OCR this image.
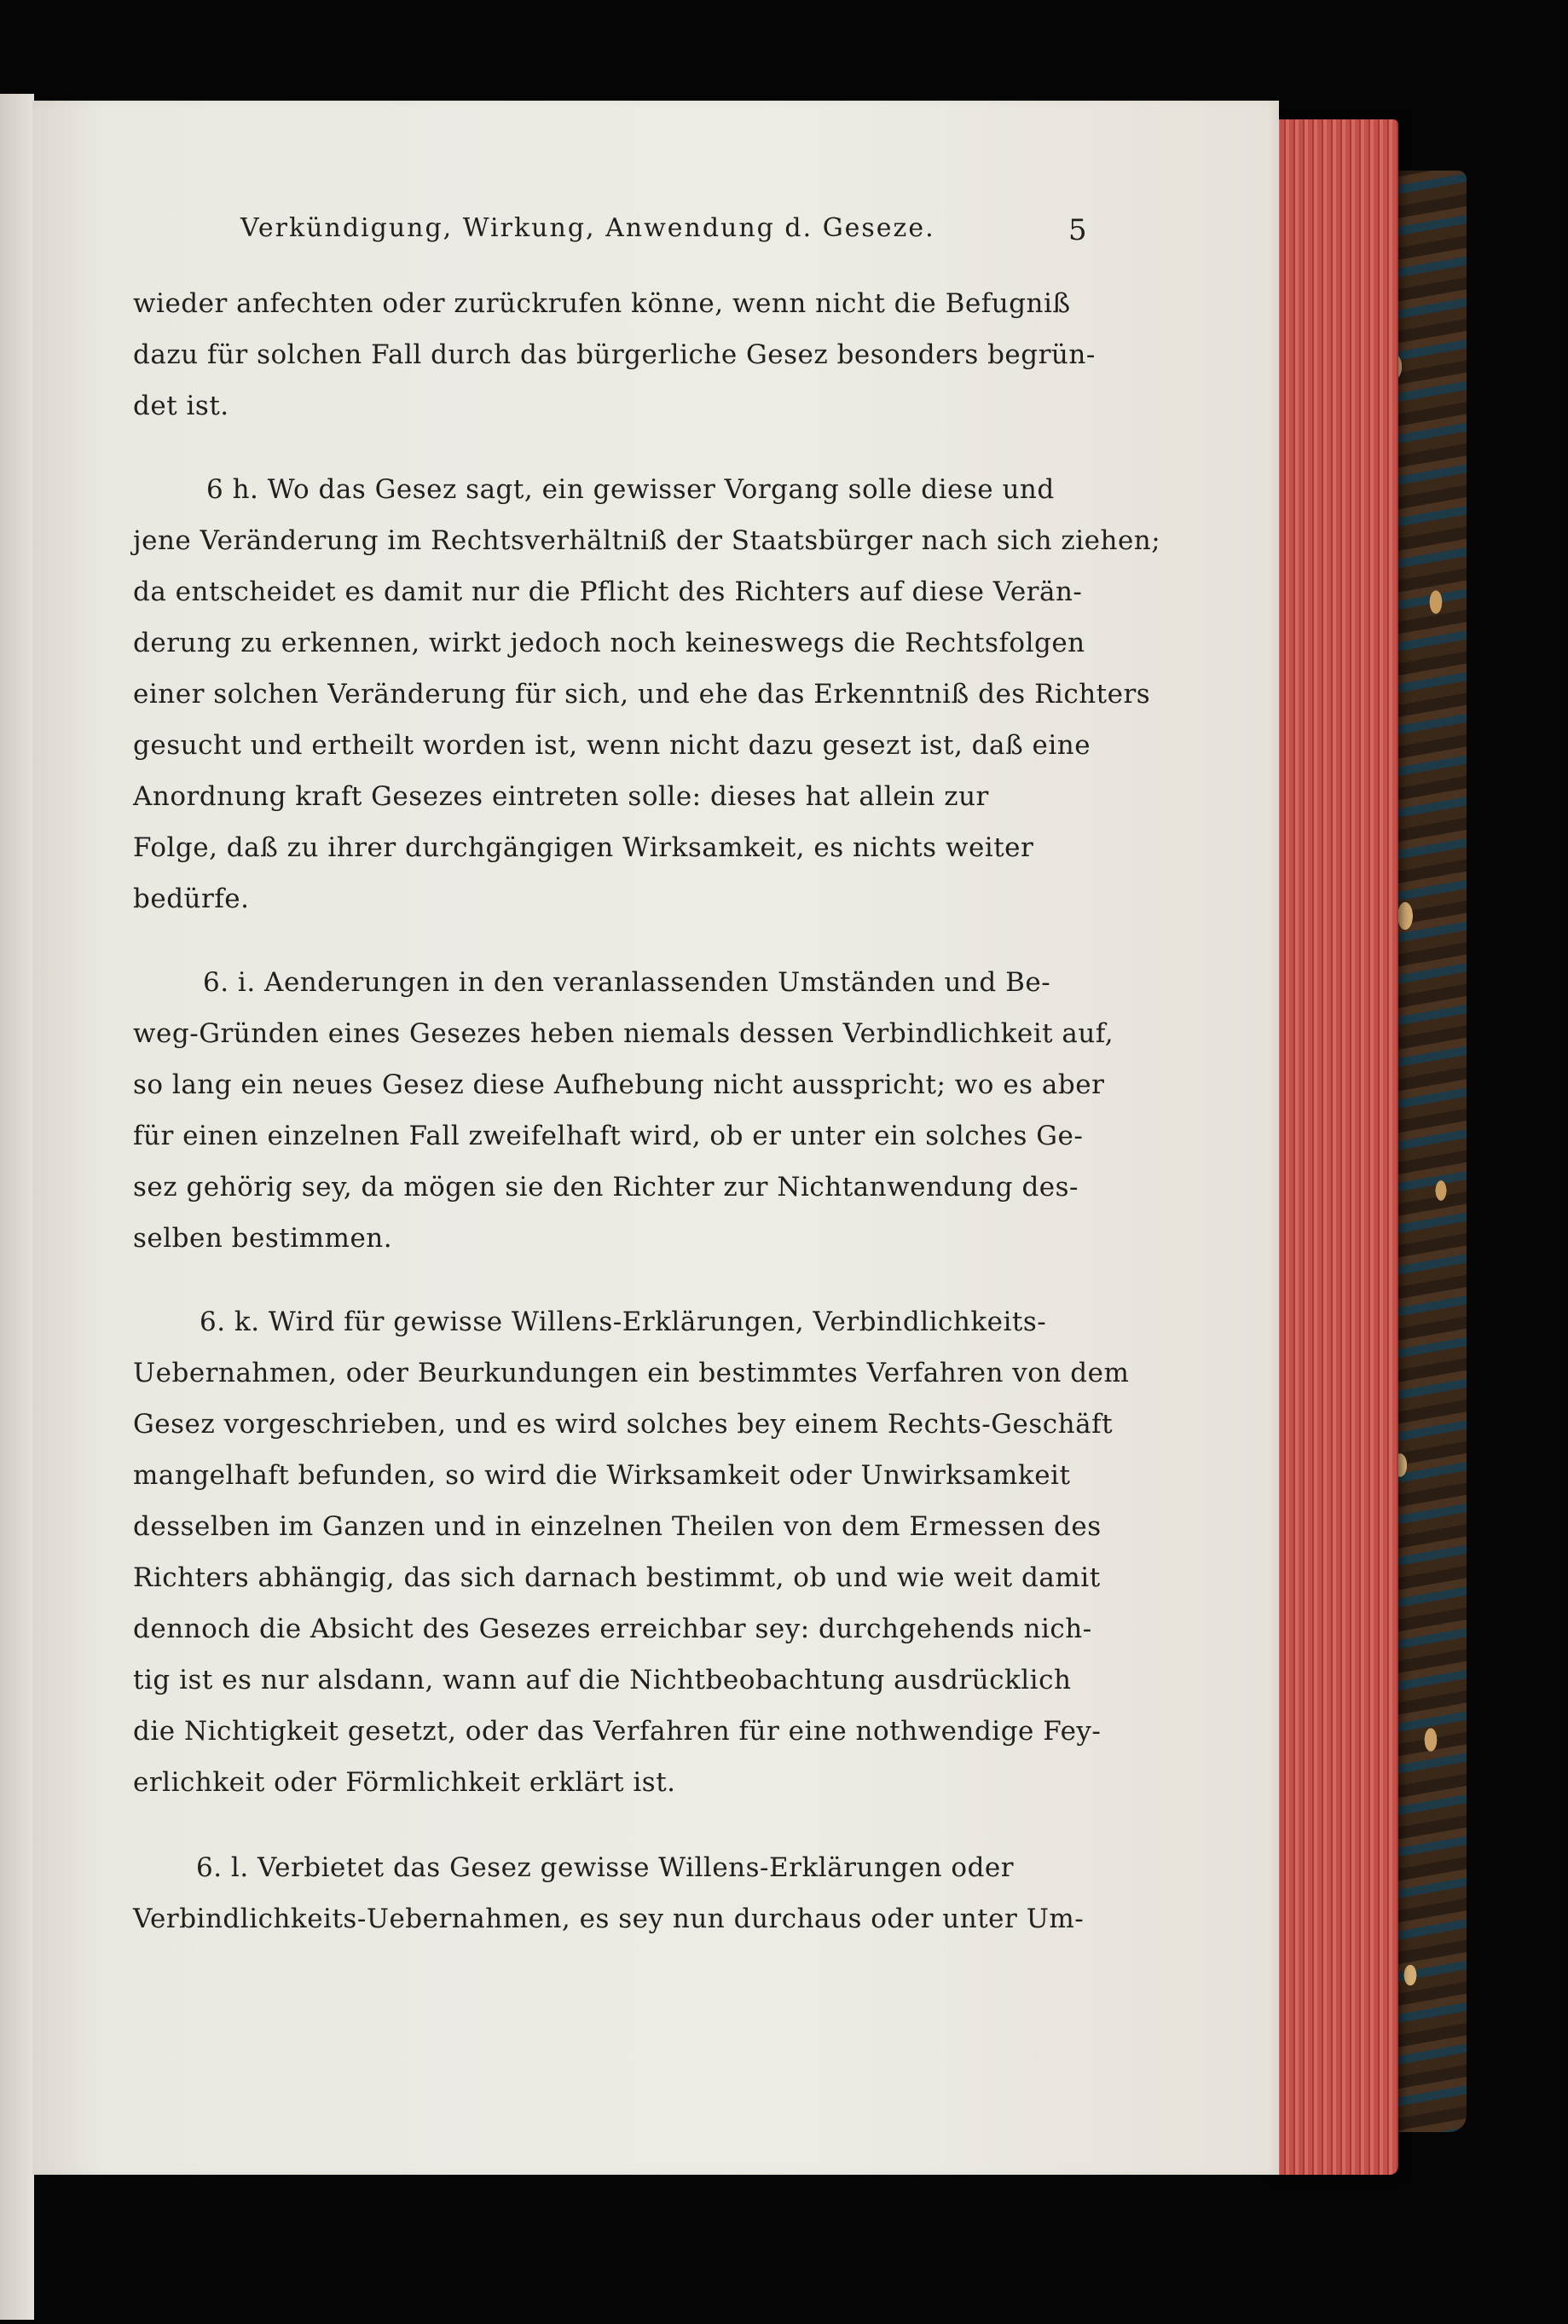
Verkündigung, Wirkung, Anwendung d. Geseze.	5
wieder anfechten oder zurückrufen könne, wenn nicht die Befugniß
dazu für solchen Fall durch das bürgerliche Gesez besonders begrün-
det ist.
6 h. Wo das Gesez sagt, ein gewisser Vorgang solle diese und
jene Veränderung im Rechtsverhältniß der Staatsbürger nach sich ziehen;
da entscheidet es damit nur die Pflicht des Richters auf diese Verän-
derung zu erkennen, wirkt jedoch noch keineswegs die Rechtsfolgen
einer solchen Veränderung für sich, und ehe das Erkenntniß des Richters
gesucht und ertheilt worden ist, wenn nicht dazu gesezt ist, daß eine
Anordnung kraft Gesezes eintreten solle: dieses hat allein zur
Folge, daß zu ihrer durchgängigen Wirksamkeit, es nichts weiter
bedürfe.
6. i. Aenderungen in den veranlassenden Umständen und Be-
weg-Gründen eines Gesezes heben niemals dessen Verbindlichkeit auf,
so lang ein neues Gesez diese Aufhebung nicht ausspricht; wo es aber
für einen einzelnen Fall zweifelhaft wird, ob er unter ein solches Ge-
sez gehörig sey, da mögen sie den Richter zur Nichtanwendung des-
selben bestimmen.
6. k. Wird für gewisse Willens-Erklärungen, Verbindlichkeits-
Uebernahmen, oder Beurkundungen ein bestimmtes Verfahren von dem
Gesez vorgeschrieben, und es wird solches bey einem Rechts-Geschäft
mangelhaft befunden, so wird die Wirksamkeit oder Unwirksamkeit
desselben im Ganzen und in einzelnen Theilen von dem Ermessen des
Richters abhängig, das sich darnach bestimmt, ob und wie weit damit
dennoch die Absicht des Gesezes erreichbar sey: durchgehends nich-
tig ist es nur alsdann, wann auf die Nichtbeobachtung ausdrücklich
die Nichtigkeit gesetzt, oder das Verfahren für eine nothwendige Fey-
erlichkeit oder Förmlichkeit erklärt ist.
6. l. Verbietet das Gesez gewisse Willens-Erklärungen oder
Verbindlichkeits-Uebernahmen, es sey nun durchaus oder unter Um-
